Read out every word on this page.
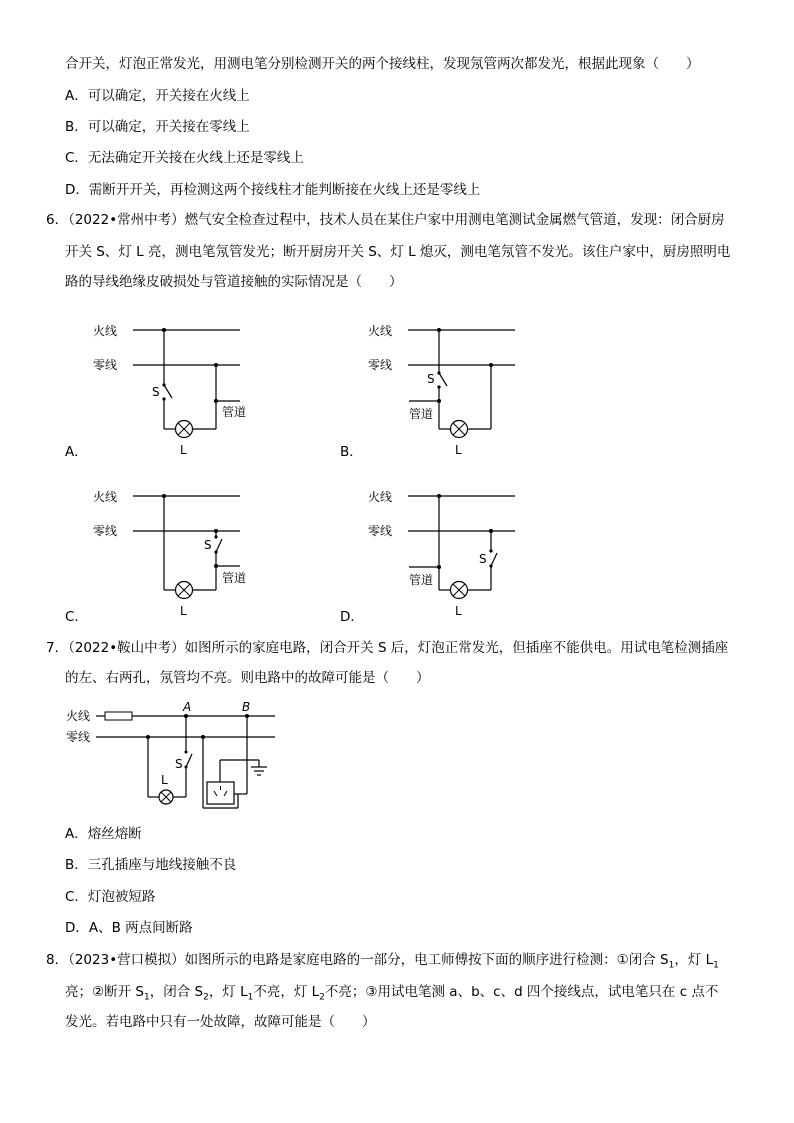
合开关，灯泡正常发光，用测电笔分别检测开关的两个接线柱，发现氖管两次都发光，根据此现象（　　）
A．可以确定，开关接在火线上
B．可以确定，开关接在零线上
C．无法确定开关接在火线上还是零线上
D．需断开开关，再检测这两个接线柱才能判断接在火线上还是零线上
6．（2022•常州中考）燃气安全检查过程中，技术人员在某住户家中用测电笔测试金属燃气管道，发现：闭合厨房
开关 S、灯 L 亮，测电笔氖管发光；断开厨房开关 S、灯 L 熄灭，测电笔氖管不发光。该住户家中，厨房照明电
路的导线绝缘皮破损处与管道接触的实际情况是（　　）
火线
零线
S
L
管道
A．
火线
零线
S
管道
L
B．
火线
零线
L
管道
S
C．
火线
零线
管道
L
S
D．
7．（2022•鞍山中考）如图所示的家庭电路，闭合开关 S 后，灯泡正常发光，但插座不能供电。用试电笔检测插座
的左、右两孔，氖管均不亮。则电路中的故障可能是（　　）
火线
零线
A	B
L
S
A．熔丝熔断
B．三孔插座与地线接触不良
C．灯泡被短路
D．A、B 两点间断路
8．（2023•营口模拟）如图所示的电路是家庭电路的一部分，电工师傅按下面的顺序进行检测：①闭合 $S_1$，灯 $L_1$
亮；②断开 $S_1$，闭合 $S_2$，灯 $L_1$不亮，灯 $L_2$不亮；③用试电笔测 a、b、c、d 四个接线点，试电笔只在 c 点不
发光。若电路中只有一处故障，故障可能是（　　）
